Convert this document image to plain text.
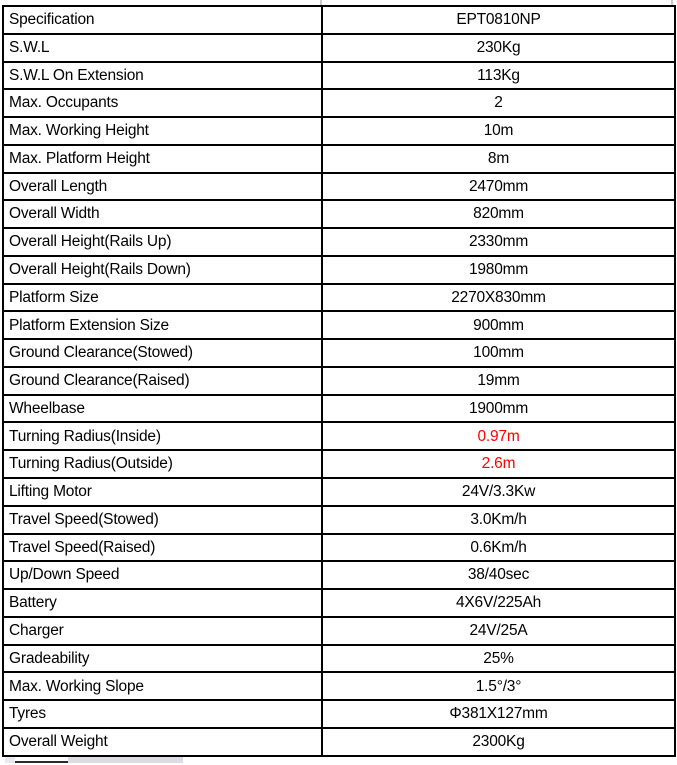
Specification	EPT0810NP
S.W.L	230Kg
S.W.L On Extension	113Kg
Max. Occupants	2
Max. Working Height	10m
Max. Platform Height	8m
Overall Length	2470mm
Overall Width	820mm
Overall Height(Rails Up)	2330mm
Overall Height(Rails Down)	1980mm
Platform Size	2270X830mm
Platform Extension Size	900mm
Ground Clearance(Stowed)	100mm
Ground Clearance(Raised)	19mm
Wheelbase	1900mm
Turning Radius(Inside)	0.97m
Turning Radius(Outside)	2.6m
Lifting Motor	24V/3.3Kw
Travel Speed(Stowed)	3.0Km/h
Travel Speed(Raised)	0.6Km/h
Up/Down Speed	38/40sec
Battery	4X6V/225Ah
Charger	24V/25A
Gradeability	25%
Max. Working Slope	1.5°/3°
Tyres	Φ381X127mm
Overall Weight	2300Kg
